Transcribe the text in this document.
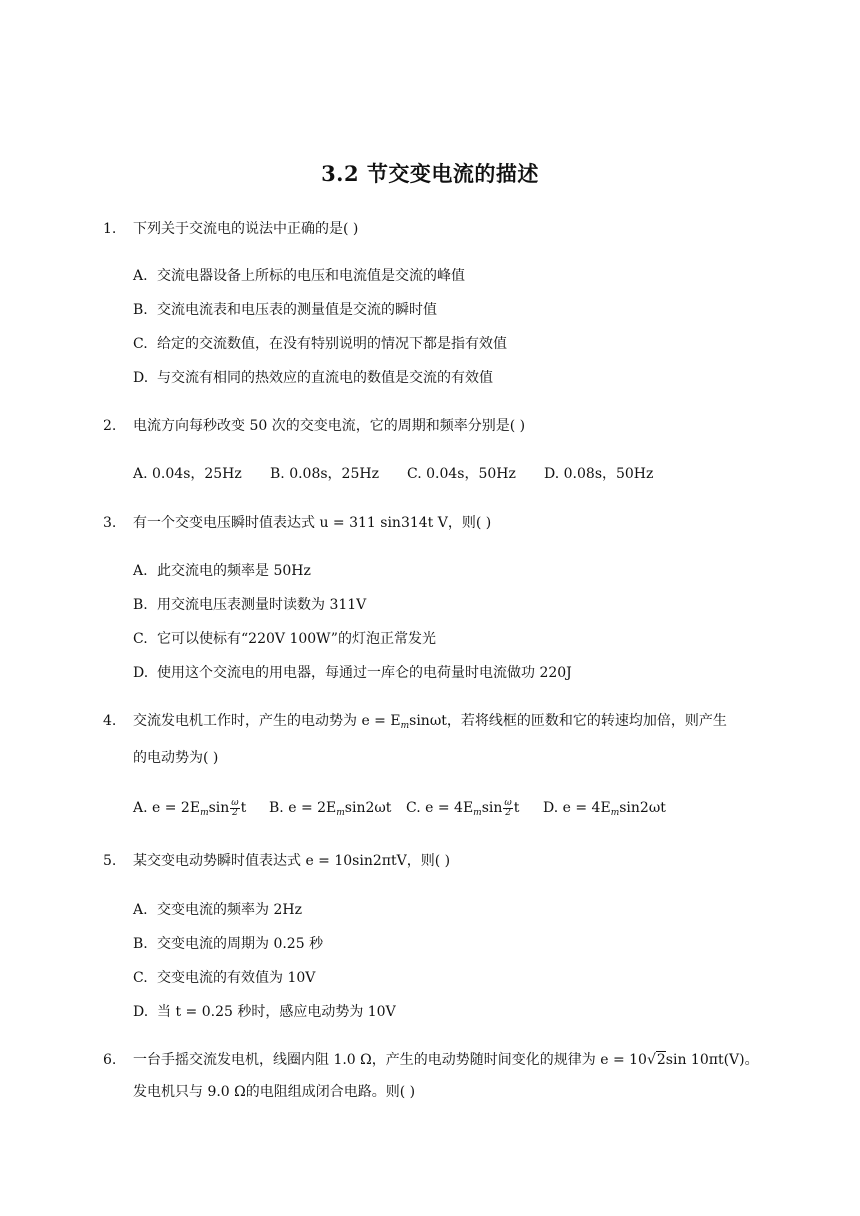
3.2 节交变电流的描述
1. 下列关于交流电的说法中正确的是( )
A. 交流电器设备上所标的电压和电流值是交流的峰值
B. 交流电流表和电压表的测量值是交流的瞬时值
C. 给定的交流数值，在没有特别说明的情况下都是指有效值
D. 与交流有相同的热效应的直流电的数值是交流的有效值
2. 电流方向每秒改变 50 次的交变电流，它的周期和频率分别是( )
A. 0.04s，25Hz	B. 0.08s，25Hz	C. 0.04s，50Hz	D. 0.08s，50Hz
3. 有一个交变电压瞬时值表达式 u = 311 sin314t V，则( )
A. 此交流电的频率是 50Hz
B. 用交流电压表测量时读数为 311V
C. 它可以使标有“220V 100W”的灯泡正常发光
D. 使用这个交流电的用电器，每通过一库仑的电荷量时电流做功 220J
4. 交流发电机工作时，产生的电动势为 $e = E_m\sin\omega t$，若将线框的匝数和它的转速均加倍，则产生
的电动势为( )
A. $e = 2E_m\sin \frac{\omega}{2}$ t	B. $e = 2E_m\sin 2\omega t$	C. $e = 4E_m\sin \frac{\omega}{2}$ t	D. $e = 4E_m\sin 2\omega t$
5. 某交变电动势瞬时值表达式 e = 10sin2πtV，则( )
A. 交变电流的频率为 2Hz
B. 交变电流的周期为 0.25 秒
C. 交变电流的有效值为 10V
D. 当 t = 0.25 秒时，感应电动势为 10V
6. 一台手摇交流发电机，线圈内阻 1.0 Ω，产生的电动势随时间变化的规律为 e = 10√2sin 10πt(V)。
发电机只与 9.0 Ω的电阻组成闭合电路。则( )
